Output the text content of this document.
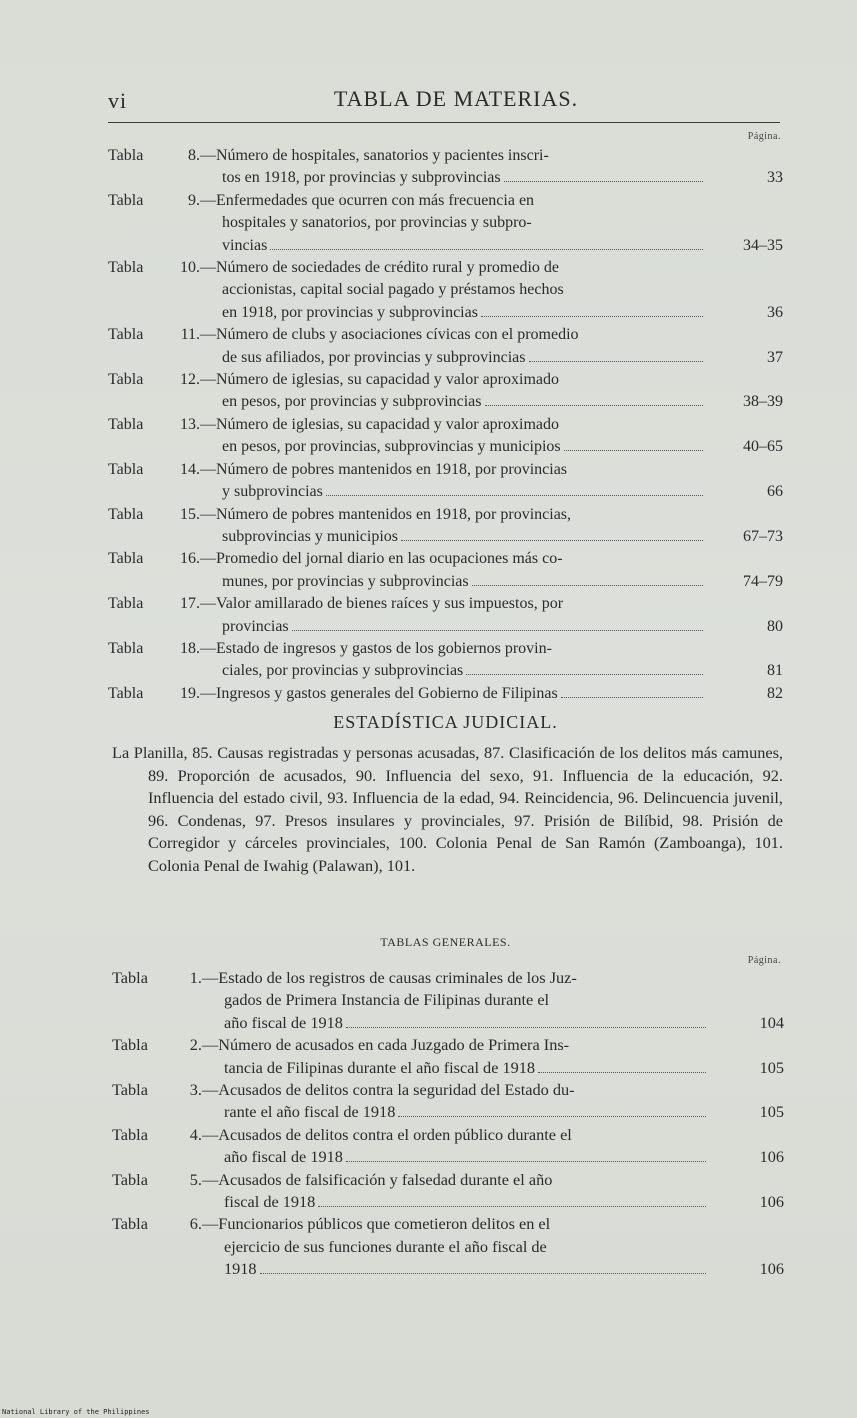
vi	TABLA DE MATERIAS.
Página.
Tabla	8. —Número de hospitales, sanatorios y pacientes inscri-
tos en 1918, por provincias y subprovincias	33
Tabla	9. —Enfermedades que ocurren con más frecuencia en
hospitales y sanatorios, por provincias y subpro-
vincias	34–35
Tabla	10. —Número de sociedades de crédito rural y promedio de
accionistas, capital social pagado y préstamos hechos
en 1918, por provincias y subprovincias	36
Tabla	11. —Número de clubs y asociaciones cívicas con el promedio
de sus afiliados, por provincias y subprovincias	37
Tabla	12. —Número de iglesias, su capacidad y valor aproximado
en pesos, por provincias y subprovincias	38–39
Tabla	13. —Número de iglesias, su capacidad y valor aproximado
en pesos, por provincias, subprovincias y municipios	40–65
Tabla	14. —Número de pobres mantenidos en 1918, por provincias
y subprovincias	66
Tabla	15. —Número de pobres mantenidos en 1918, por provincias,
subprovincias y municipios	67–73
Tabla	16. —Promedio del jornal diario en las ocupaciones más co-
munes, por provincias y subprovincias	74–79
Tabla	17. —Valor amillarado de bienes raíces y sus impuestos, por
provincias	80
Tabla	18. —Estado de ingresos y gastos de los gobiernos provin-
ciales, por provincias y subprovincias	81
Tabla	19. —Ingresos y gastos generales del Gobierno de Filipinas	82
ESTADÍSTICA JUDICIAL.
La Planilla, 85. Causas registradas y personas acusadas, 87. Clasificación de los delitos más camunes, 89. Proporción de acusados, 90. Influencia del sexo, 91. Influencia de la educación, 92. Influencia del estado civil, 93. Influencia de la edad, 94. Reincidencia, 96. Delincuencia juvenil, 96. Condenas, 97. Presos insulares y provinciales, 97. Prisión de Bilíbid, 98. Prisión de Corregidor y cárceles provinciales, 100. Colonia Penal de San Ramón (Zamboanga), 101. Colonia Penal de Iwahig (Palawan), 101.
TABLAS GENERALES.
Página.
Tabla	1. —Estado de los registros de causas criminales de los Juz-
gados de Primera Instancia de Filipinas durante el
año fiscal de 1918	104
Tabla	2. —Número de acusados en cada Juzgado de Primera Ins-
tancia de Filipinas durante el año fiscal de 1918	105
Tabla	3. —Acusados de delitos contra la seguridad del Estado du-
rante el año fiscal de 1918	105
Tabla	4. —Acusados de delitos contra el orden público durante el
año fiscal de 1918	106
Tabla	5. —Acusados de falsificación y falsedad durante el año
fiscal de 1918	106
Tabla	6. —Funcionarios públicos que cometieron delitos en el
ejercicio de sus funciones durante el año fiscal de
1918	106
National Library of the Philippines
